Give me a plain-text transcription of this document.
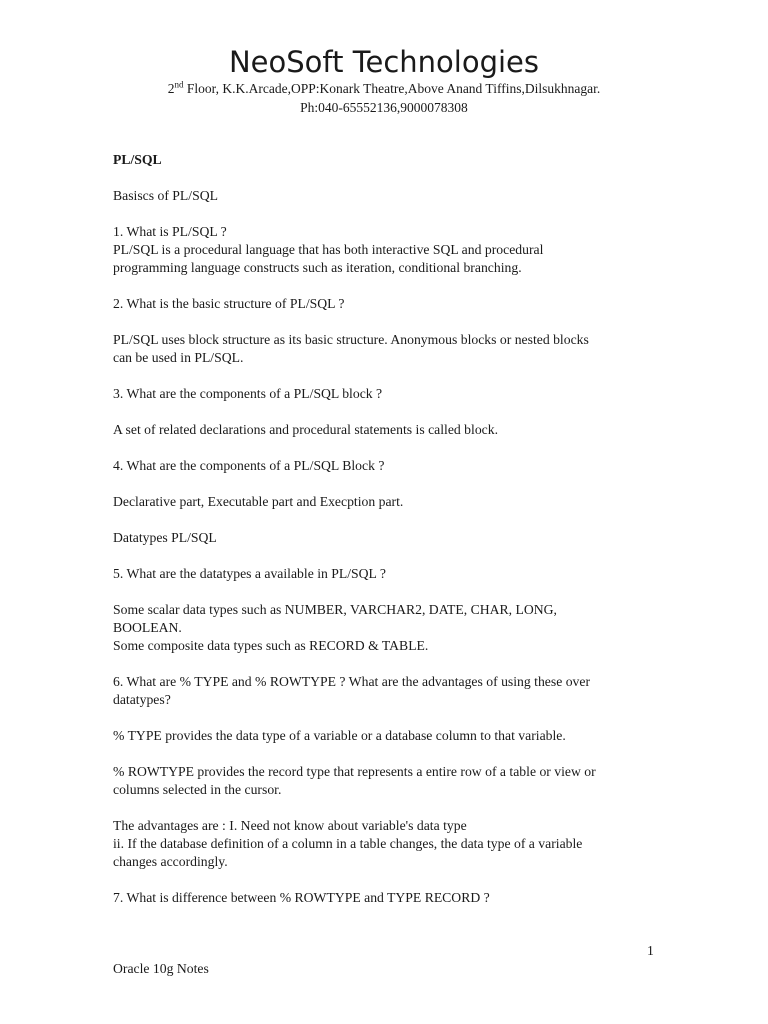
NeoSoft Technologies
2nd Floor, K.K.Arcade,OPP:Konark Theatre,Above Anand Tiffins,Dilsukhnagar.
Ph:040-65552136,9000078308
PL/SQL
Basiscs of PL/SQL
1. What is PL/SQL ?
PL/SQL is a procedural language that has both interactive SQL and procedural
programming language constructs such as iteration, conditional branching.
2. What is the basic structure of PL/SQL ?
PL/SQL uses block structure as its basic structure. Anonymous blocks or nested blocks
can be used in PL/SQL.
3. What are the components of a PL/SQL block ?
A set of related declarations and procedural statements is called block.
4. What are the components of a PL/SQL Block ?
Declarative part, Executable part and Execption part.
Datatypes PL/SQL
5. What are the datatypes a available in PL/SQL ?
Some scalar data types such as NUMBER, VARCHAR2, DATE, CHAR, LONG,
BOOLEAN.
Some composite data types such as RECORD & TABLE.
6. What are % TYPE and % ROWTYPE ? What are the advantages of using these over
datatypes?
% TYPE provides the data type of a variable or a database column to that variable.
% ROWTYPE provides the record type that represents a entire row of a table or view or
columns selected in the cursor.
The advantages are : I. Need not know about variable's data type
ii. If the database definition of a column in a table changes, the data type of a variable
changes accordingly.
7. What is difference between % ROWTYPE and TYPE RECORD ?
1
Oracle 10g Notes
